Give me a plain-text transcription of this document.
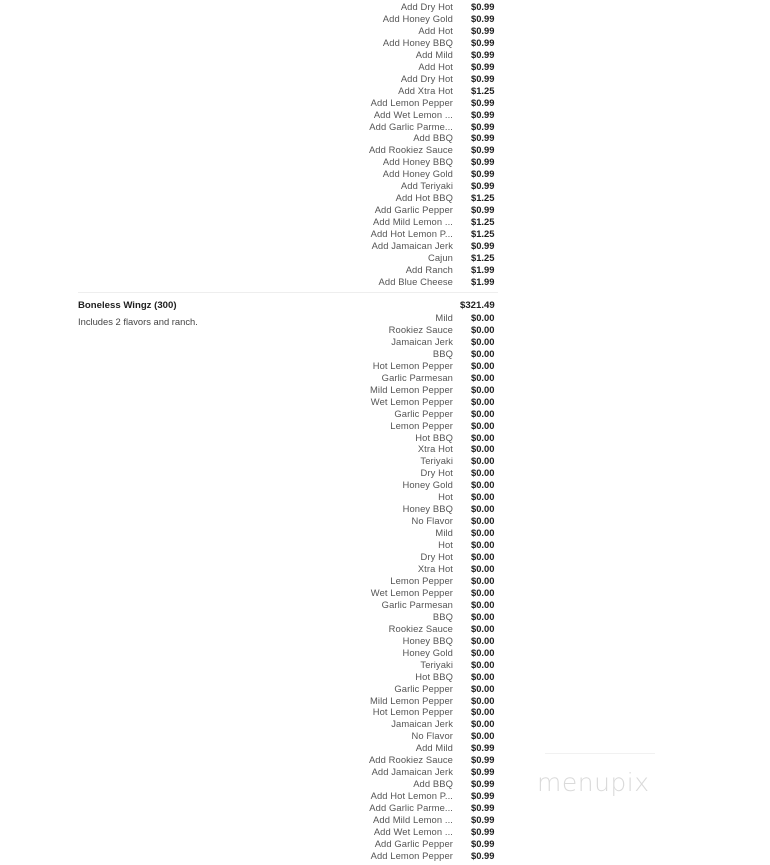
Add Dry Hot $0.99
Add Honey Gold $0.99
Add Hot $0.99
Add Honey BBQ $0.99
Add Mild $0.99
Add Hot $0.99
Add Dry Hot $0.99
Add Xtra Hot $1.25
Add Lemon Pepper $0.99
Add Wet Lemon ... $0.99
Add Garlic Parme... $0.99
Add BBQ $0.99
Add Rookiez Sauce $0.99
Add Honey BBQ $0.99
Add Honey Gold $0.99
Add Teriyaki $0.99
Add Hot BBQ $1.25
Add Garlic Pepper $0.99
Add Mild Lemon ... $1.25
Add Hot Lemon P... $1.25
Add Jamaican Jerk $0.99
Cajun $1.25
Add Ranch $1.99
Add Blue Cheese $1.99
Boneless Wingz (300)	$321.49
Includes 2 flavors and ranch.	Mild $0.00
Rookiez Sauce $0.00
Jamaican Jerk $0.00
BBQ $0.00
Hot Lemon Pepper $0.00
Garlic Parmesan $0.00
Mild Lemon Pepper $0.00
Wet Lemon Pepper $0.00
Garlic Pepper $0.00
Lemon Pepper $0.00
Hot BBQ $0.00
Xtra Hot $0.00
Teriyaki $0.00
Dry Hot $0.00
Honey Gold $0.00
Hot $0.00
Honey BBQ $0.00
No Flavor $0.00
Mild $0.00
Hot $0.00
Dry Hot $0.00
Xtra Hot $0.00
Lemon Pepper $0.00
Wet Lemon Pepper $0.00
Garlic Parmesan $0.00
BBQ $0.00
Rookiez Sauce $0.00
Honey BBQ $0.00
Honey Gold $0.00
Teriyaki $0.00
Hot BBQ $0.00
Garlic Pepper $0.00
Mild Lemon Pepper $0.00
Hot Lemon Pepper $0.00
Jamaican Jerk $0.00
No Flavor $0.00
Add Mild $0.99
Add Rookiez Sauce $0.99
Add Jamaican Jerk $0.99
Add BBQ $0.99
Add Hot Lemon P... $0.99
Add Garlic Parme... $0.99
Add Mild Lemon ... $0.99
Add Wet Lemon ... $0.99
Add Garlic Pepper $0.99
Add Lemon Pepper $0.99
menupix
